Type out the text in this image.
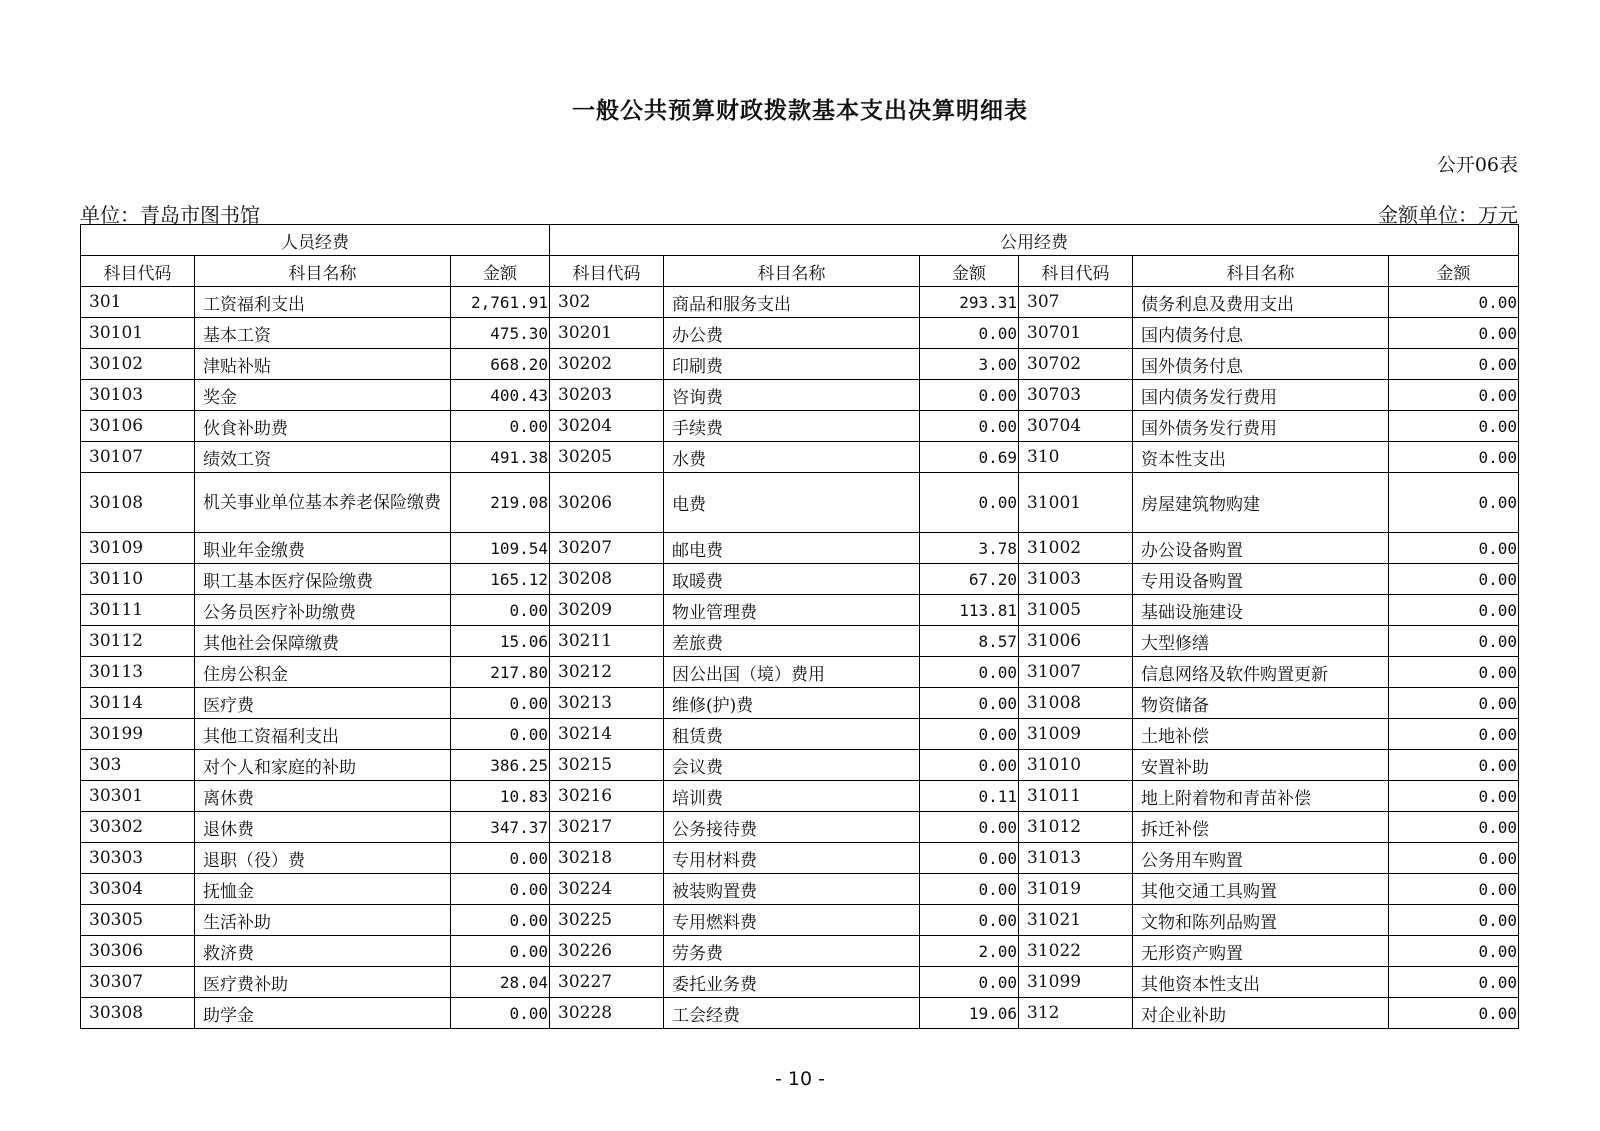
一般公共预算财政拨款基本支出决算明细表
公开06表
单位：青岛市图书馆	金额单位：万元
人员经费			公用经费					
科目代码	科目名称	金额	科目代码	科目名称	金额	科目代码	科目名称	金额
301	工资福利支出	2,761.91	302	商品和服务支出	293.31	307	债务利息及费用支出	0.00
30101	基本工资	475.30	30201	办公费	0.00	30701	国内债务付息	0.00
30102	津贴补贴	668.20	30202	印刷费	3.00	30702	国外债务付息	0.00
30103	奖金	400.43	30203	咨询费	0.00	30703	国内债务发行费用	0.00
30106	伙食补助费	0.00	30204	手续费	0.00	30704	国外债务发行费用	0.00
30107	绩效工资	491.38	30205	水费	0.69	310	资本性支出	0.00
30108	机关事业单位基本养老保险缴费	219.08	30206	电费	0.00	31001	房屋建筑物购建	0.00
30109	职业年金缴费	109.54	30207	邮电费	3.78	31002	办公设备购置	0.00
30110	职工基本医疗保险缴费	165.12	30208	取暖费	67.20	31003	专用设备购置	0.00
30111	公务员医疗补助缴费	0.00	30209	物业管理费	113.81	31005	基础设施建设	0.00
30112	其他社会保障缴费	15.06	30211	差旅费	8.57	31006	大型修缮	0.00
30113	住房公积金	217.80	30212	因公出国（境）费用	0.00	31007	信息网络及软件购置更新	0.00
30114	医疗费	0.00	30213	维修(护)费	0.00	31008	物资储备	0.00
30199	其他工资福利支出	0.00	30214	租赁费	0.00	31009	土地补偿	0.00
303	对个人和家庭的补助	386.25	30215	会议费	0.00	31010	安置补助	0.00
30301	离休费	10.83	30216	培训费	0.11	31011	地上附着物和青苗补偿	0.00
30302	退休费	347.37	30217	公务接待费	0.00	31012	拆迁补偿	0.00
30303	退职（役）费	0.00	30218	专用材料费	0.00	31013	公务用车购置	0.00
30304	抚恤金	0.00	30224	被装购置费	0.00	31019	其他交通工具购置	0.00
30305	生活补助	0.00	30225	专用燃料费	0.00	31021	文物和陈列品购置	0.00
30306	救济费	0.00	30226	劳务费	2.00	31022	无形资产购置	0.00
30307	医疗费补助	28.04	30227	委托业务费	0.00	31099	其他资本性支出	0.00
30308	助学金	0.00	30228	工会经费	19.06	312	对企业补助	0.00
- 10 -
